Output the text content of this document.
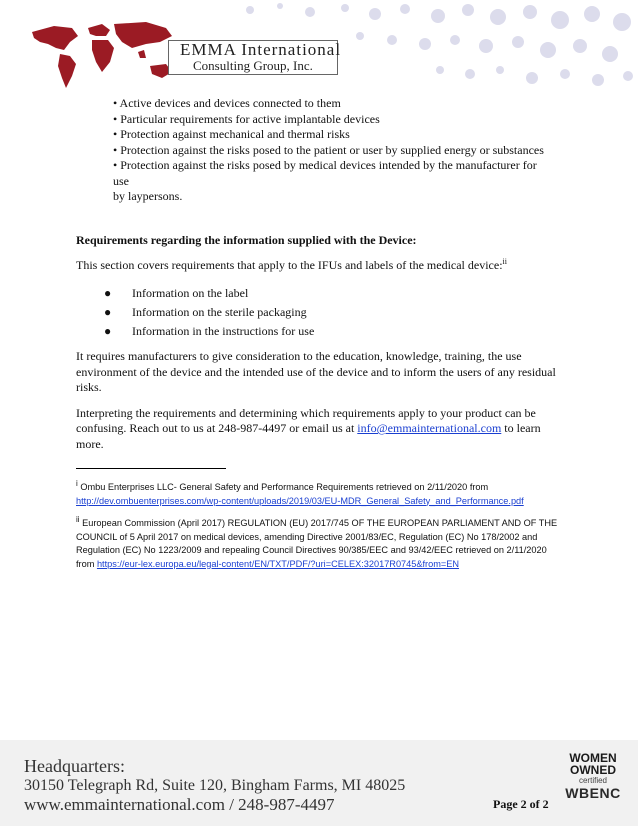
EMMA International
Consulting Group, Inc.
• Active devices and devices connected to them
• Particular requirements for active implantable devices
• Protection against mechanical and thermal risks
• Protection against the risks posed to the patient or user by supplied energy or substances
• Protection against the risks posed by medical devices intended by the manufacturer for
use
by laypersons.
Requirements regarding the information supplied with the Device:
This section covers requirements that apply to the IFUs and labels of the medical device:$^{ii}$
● Information on the label
● Information on the sterile packaging
● Information in the instructions for use
It requires manufacturers to give consideration to the education, knowledge, training, the use environment of the device and the intended use of the device and to inform the users of any residual risks.
Interpreting the requirements and determining which requirements apply to your product can be confusing. Reach out to us at 248-987-4497 or email us at info@emmainternational.com to learn more.

$^i$ Ombu Enterprises LLC- General Safety and Performance Requirements retrieved on 2/11/2020 from
http://dev.ombuenterprises.com/wp-content/uploads/2019/03/EU-MDR_General_Safety_and_Performance.pdf

$^{ii}$ European Commission (April 2017) REGULATION (EU) 2017/745 OF THE EUROPEAN PARLIAMENT AND OF THE COUNCIL of 5 April 2017 on medical devices, amending Directive 2001/83/EC, Regulation (EC) No 178/2002 and Regulation (EC) No 1223/2009 and repealing Council Directives 90/385/EEC and 93/42/EEC retrieved on 2/11/2020 from https://eur-lex.europa.eu/legal-content/EN/TXT/PDF/?uri=CELEX:32017R0745&from=EN

Headquarters:
30150 Telegraph Rd, Suite 120, Bingham Farms, MI 48025
www.emmainternational.com / 248-987-4497	Page 2 of 2
WOMEN
OWNED
certified
WBENC
